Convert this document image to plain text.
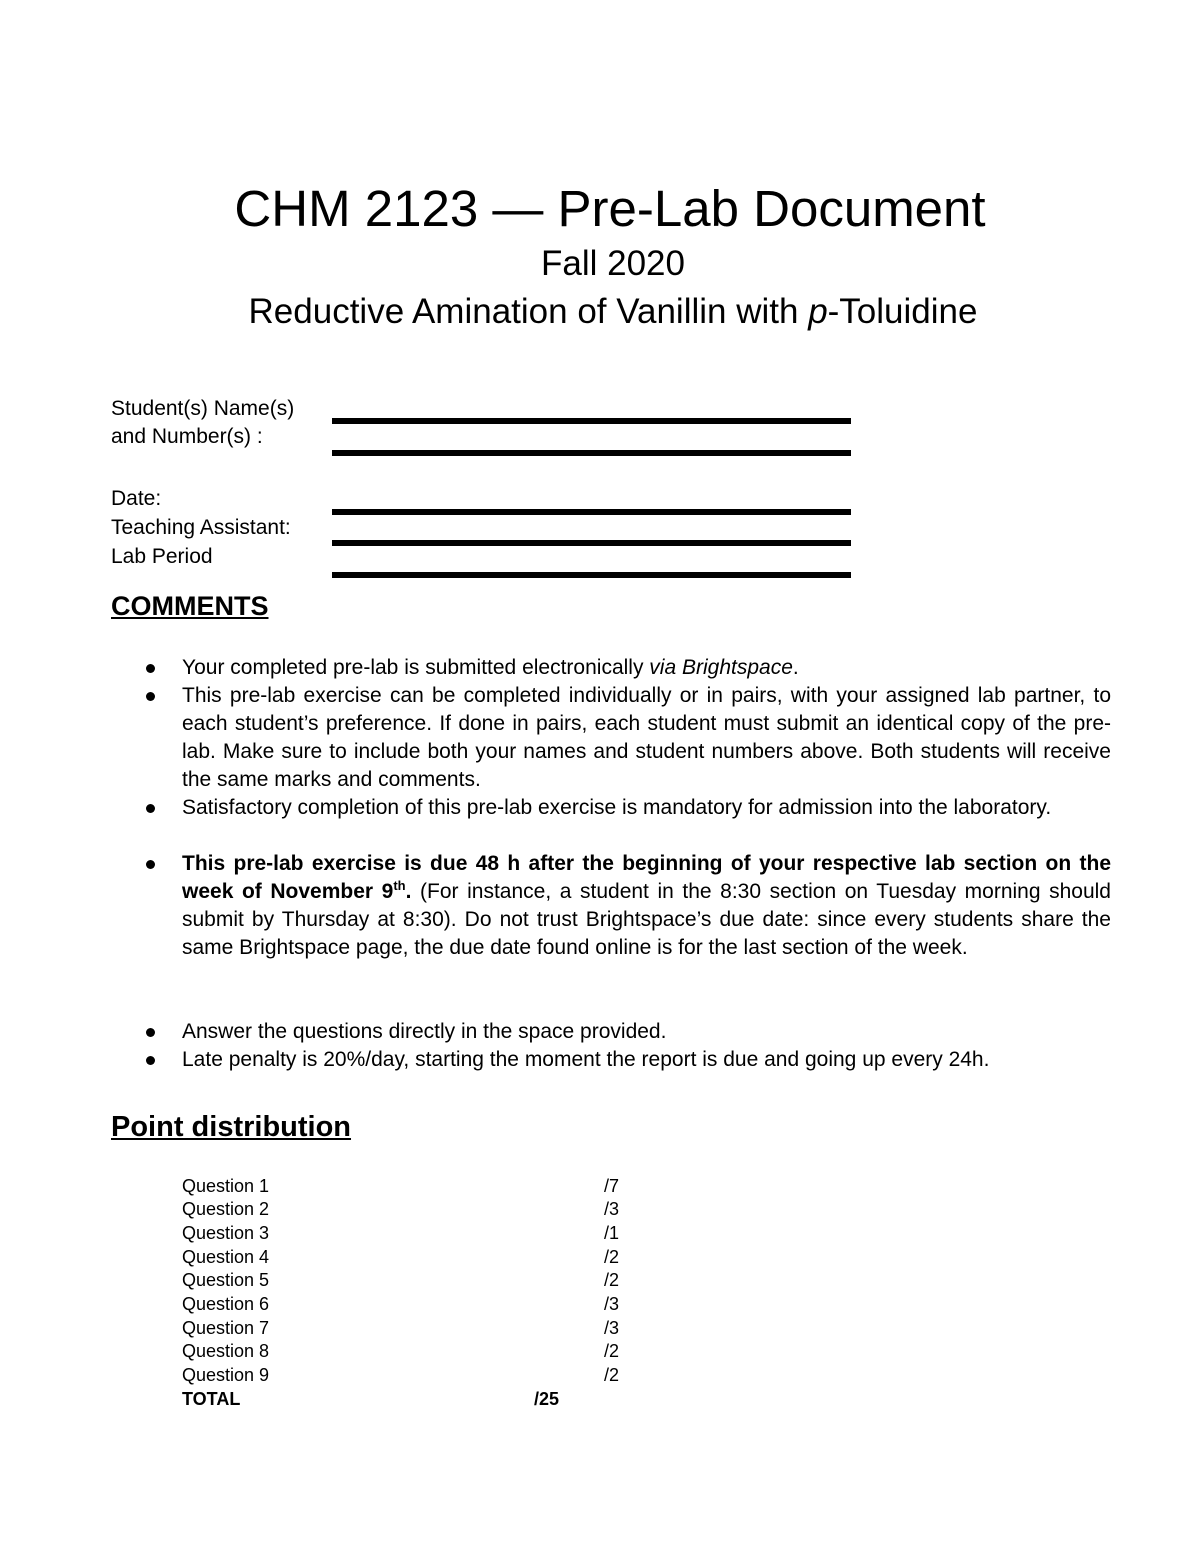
CHM 2123 — Pre-Lab Document
Fall 2020
Reductive Amination of Vanillin with p-Toluidine
Student(s) Name(s)
and Number(s) :
Date:
Teaching Assistant:
Lab Period
COMMENTS
Your completed pre-lab is submitted electronically via Brightspace.
This pre-lab exercise can be completed individually or in pairs, with your assigned lab partner, to each student’s preference. If done in pairs, each student must submit an identical copy of the pre-lab. Make sure to include both your names and student numbers above. Both students will receive the same marks and comments.
Satisfactory completion of this pre-lab exercise is mandatory for admission into the laboratory.
This pre-lab exercise is due 48 h after the beginning of your respective lab section on the week of November 9th. (For instance, a student in the 8:30 section on Tuesday morning should submit by Thursday at 8:30). Do not trust Brightspace’s due date: since every students share the same Brightspace page, the due date found online is for the last section of the week.
Answer the questions directly in the space provided.
Late penalty is 20%/day, starting the moment the report is due and going up every 24h.
Point distribution
Question 1	/7
Question 2	/3
Question 3	/1
Question 4	/2
Question 5	/2
Question 6	/3
Question 7	/3
Question 8	/2
Question 9	/2
TOTAL	/25
